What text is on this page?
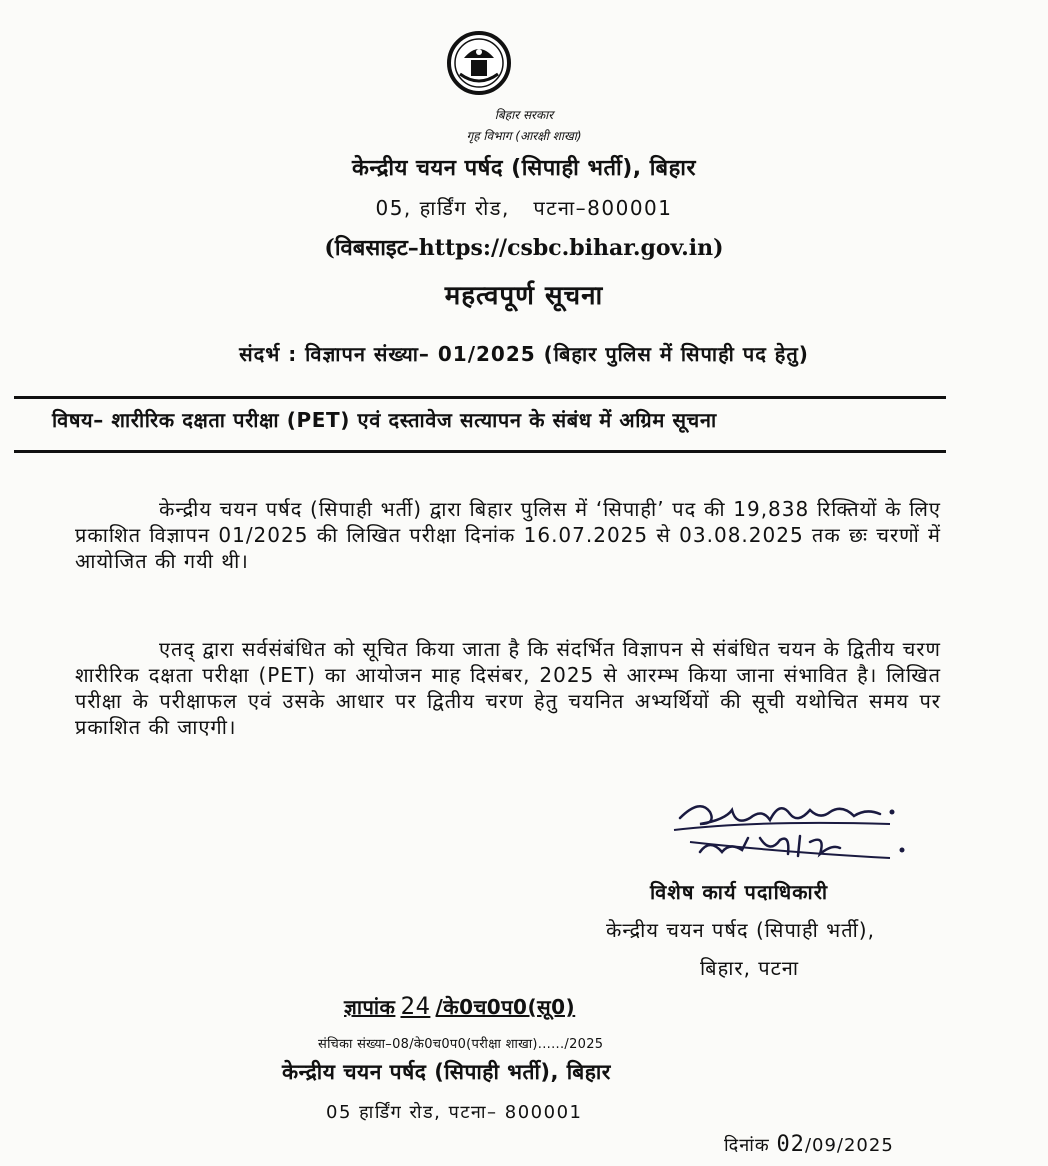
बिहार सरकार
गृह विभाग (आरक्षी शाखा)
केन्द्रीय चयन पर्षद (सिपाही भर्ती), बिहार
05, हार्डिंग रोड,   पटना–800001
(विबसाइट–https://csbc.bihar.gov.in)
महत्वपूर्ण सूचना
संदर्भ : विज्ञापन संख्या– 01/2025 (बिहार पुलिस में सिपाही पद हेतु)
विषय– शारीरिक दक्षता परीक्षा (PET) एवं दस्तावेज सत्यापन के संबंध में अग्रिम सूचना

केन्द्रीय चयन पर्षद (सिपाही भर्ती) द्वारा बिहार पुलिस में ‘सिपाही’ पद की 19,838 रिक्तियों के लिए प्रकाशित विज्ञापन 01/2025 की लिखित परीक्षा दिनांक 16.07.2025 से 03.08.2025 तक छः चरणों में आयोजित की गयी थी।

एतद् द्वारा सर्वसंबंधित को सूचित किया जाता है कि संदर्भित विज्ञापन से संबंधित चयन के द्वितीय चरण शारीरिक दक्षता परीक्षा (PET) का आयोजन माह दिसंबर, 2025 से आरम्भ किया जाना संभावित है। लिखित परीक्षा के परीक्षाफल एवं उसके आधार पर द्वितीय चरण हेतु चयनित अभ्यर्थियों की सूची यथोचित समय पर प्रकाशित की जाएगी।

विशेष कार्य पदाधिकारी
केन्द्रीय चयन पर्षद (सिपाही भर्ती),
बिहार, पटना
ज्ञापांक 24 /के0च0प0(सू0)
संचिका संख्या–08/के0च0प0(परीक्षा शाखा)....../2025
केन्द्रीय चयन पर्षद (सिपाही भर्ती), बिहार
05 हार्डिंग रोड, पटना– 800001
दिनांक 02/09/2025
